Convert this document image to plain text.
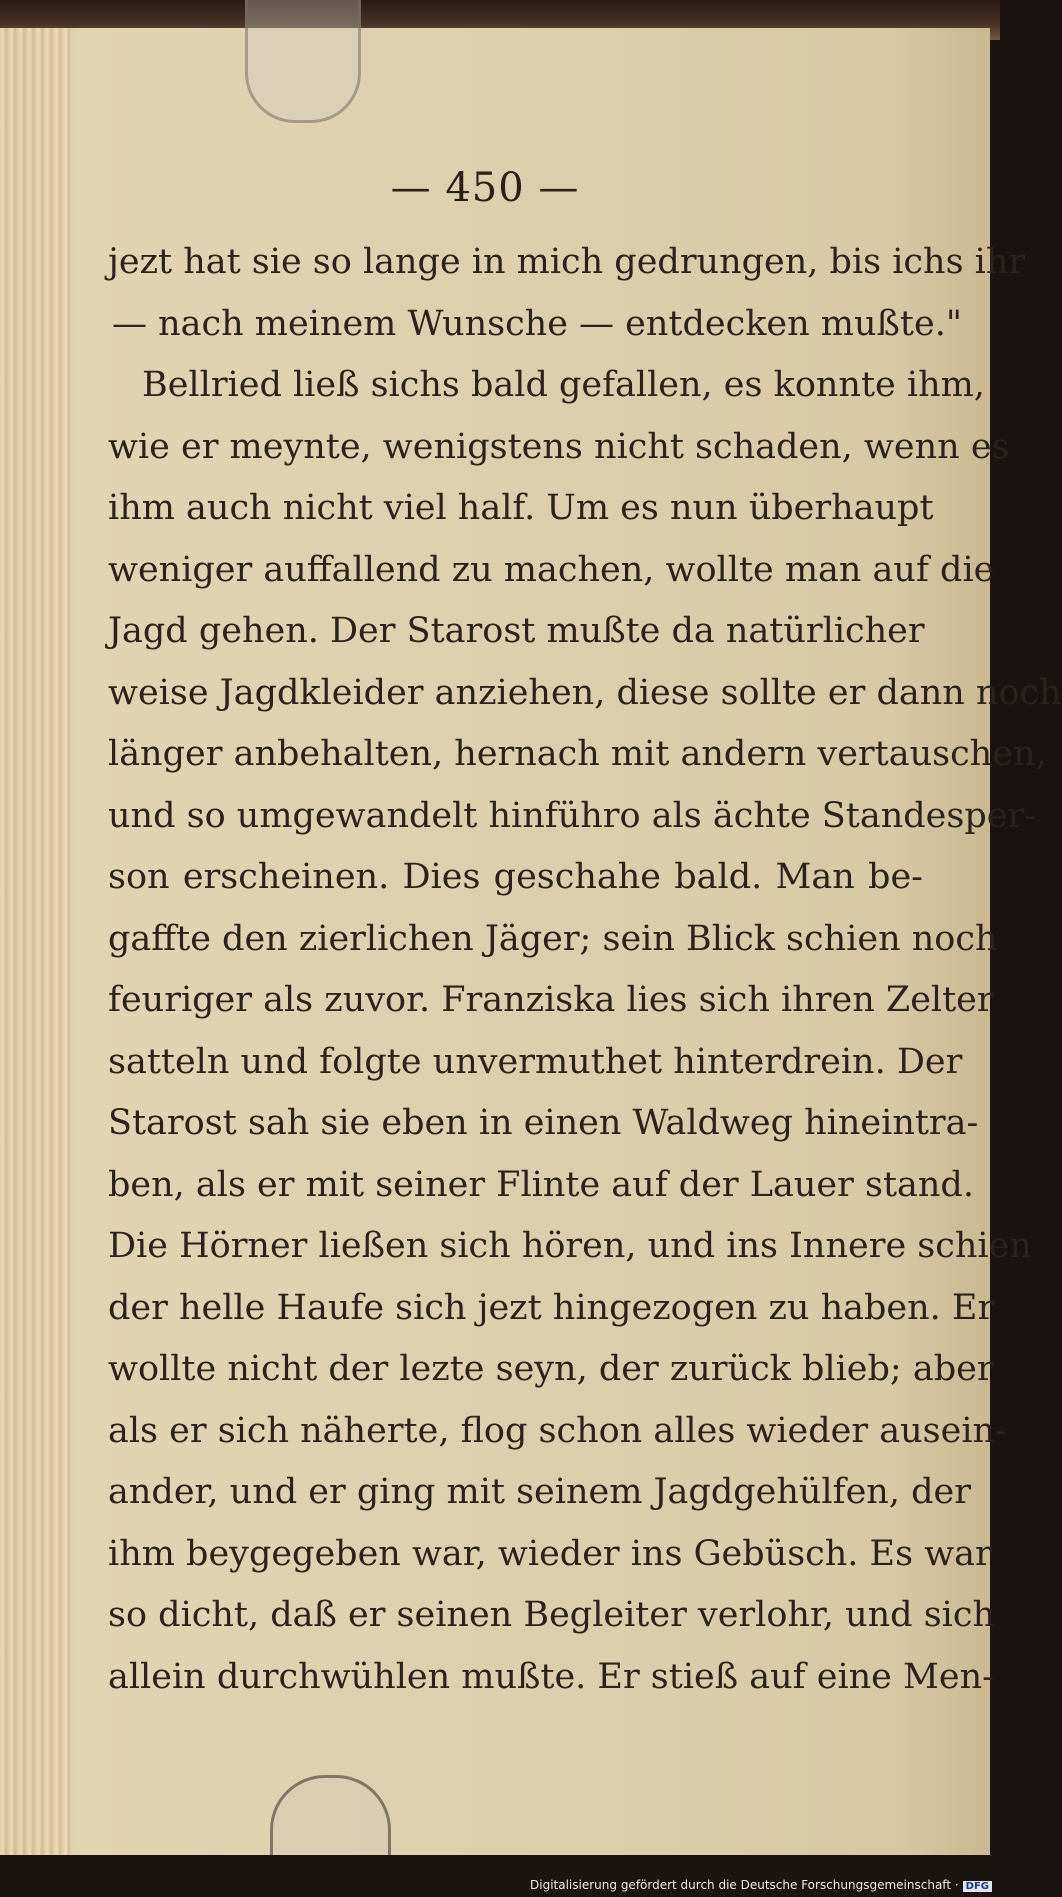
— 450 —
jezt hat sie so lange in mich gedrungen, bis ichs ihr
— nach meinem Wunsche — entdecken mußte."
Bellried ließ sichs bald gefallen, es konnte ihm,
wie er meynte, wenigstens nicht schaden, wenn es
ihm auch nicht viel half. Um es nun überhaupt
weniger auffallend zu machen, wollte man auf die
Jagd gehen. Der Starost mußte da natürlicher
weise Jagdkleider anziehen, diese sollte er dann noch
länger anbehalten, hernach mit andern vertauschen,
und so umgewandelt hinführo als ächte Standesper-
son erscheinen. Dies geschahe bald. Man be-
gaffte den zierlichen Jäger; sein Blick schien noch
feuriger als zuvor. Franziska lies sich ihren Zelter
satteln und folgte unvermuthet hinterdrein. Der
Starost sah sie eben in einen Waldweg hineintra-
ben, als er mit seiner Flinte auf der Lauer stand.
Die Hörner ließen sich hören, und ins Innere schien
der helle Haufe sich jezt hingezogen zu haben. Er
wollte nicht der lezte seyn, der zurück blieb; aber
als er sich näherte, flog schon alles wieder ausein-
ander, und er ging mit seinem Jagdgehülfen, der
ihm beygegeben war, wieder ins Gebüsch. Es war
so dicht, daß er seinen Begleiter verlohr, und sich
allein durchwühlen mußte. Er stieß auf eine Men-
Digitalisierung gefördert durch die Deutsche Forschungsgemeinschaft · DFG
